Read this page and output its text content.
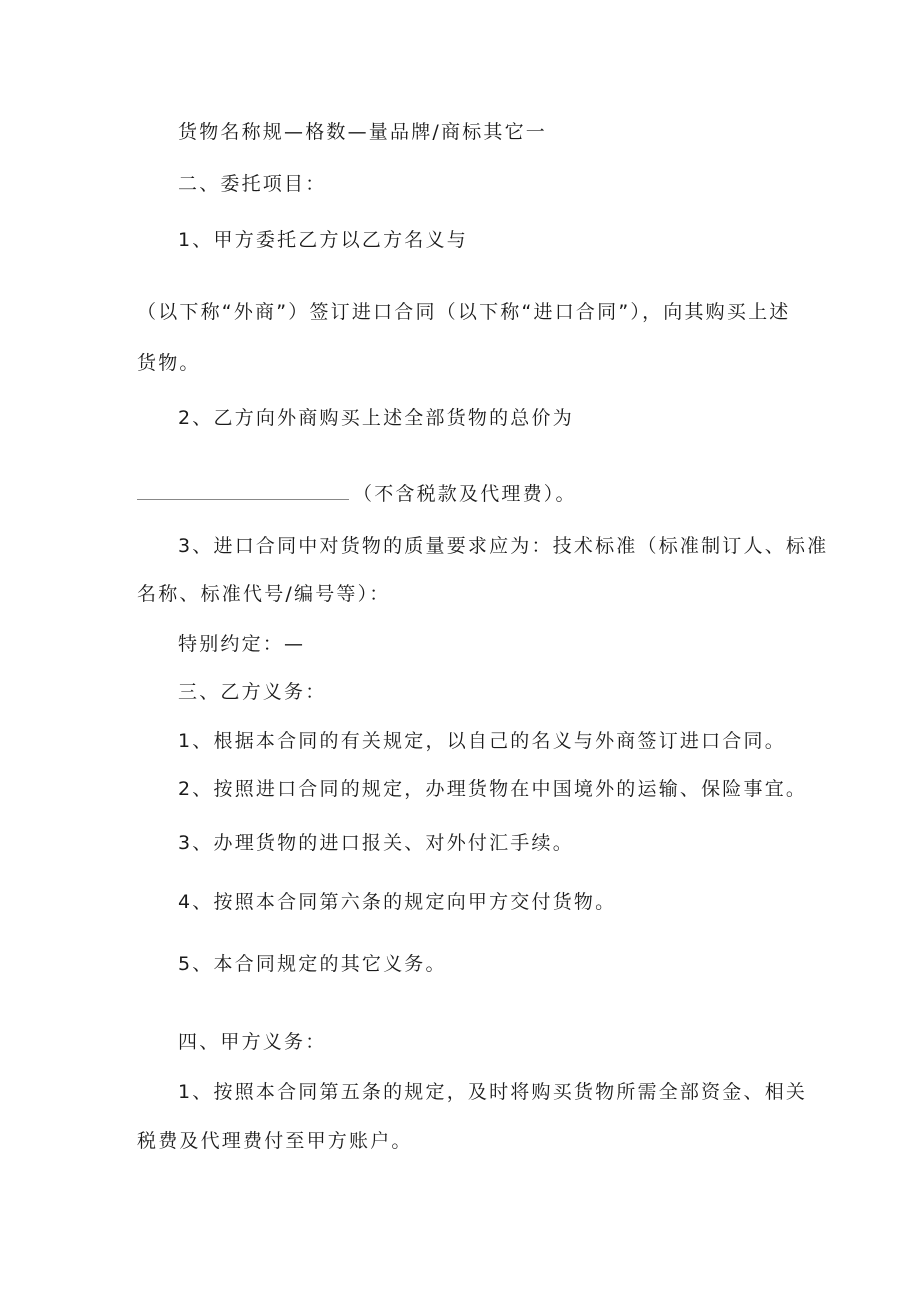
货物名称规—格数—量品牌/商标其它一
二、委托项目：
1、甲方委托乙方以乙方名义与
（以下称“外商”）签订进口合同（以下称“进口合同”），向其购买上述
货物。
2、乙方向外商购买上述全部货物的总价为
（不含税款及代理费）。
3、进口合同中对货物的质量要求应为：技术标准（标准制订人、标准
名称、标准代号/编号等）：
特别约定：—
三、乙方义务：
1、根据本合同的有关规定，以自己的名义与外商签订进口合同。
2、按照进口合同的规定，办理货物在中国境外的运输、保险事宜。
3、办理货物的进口报关、对外付汇手续。
4、按照本合同第六条的规定向甲方交付货物。
5、本合同规定的其它义务。
四、甲方义务：
1、按照本合同第五条的规定，及时将购买货物所需全部资金、相关
税费及代理费付至甲方账户。
